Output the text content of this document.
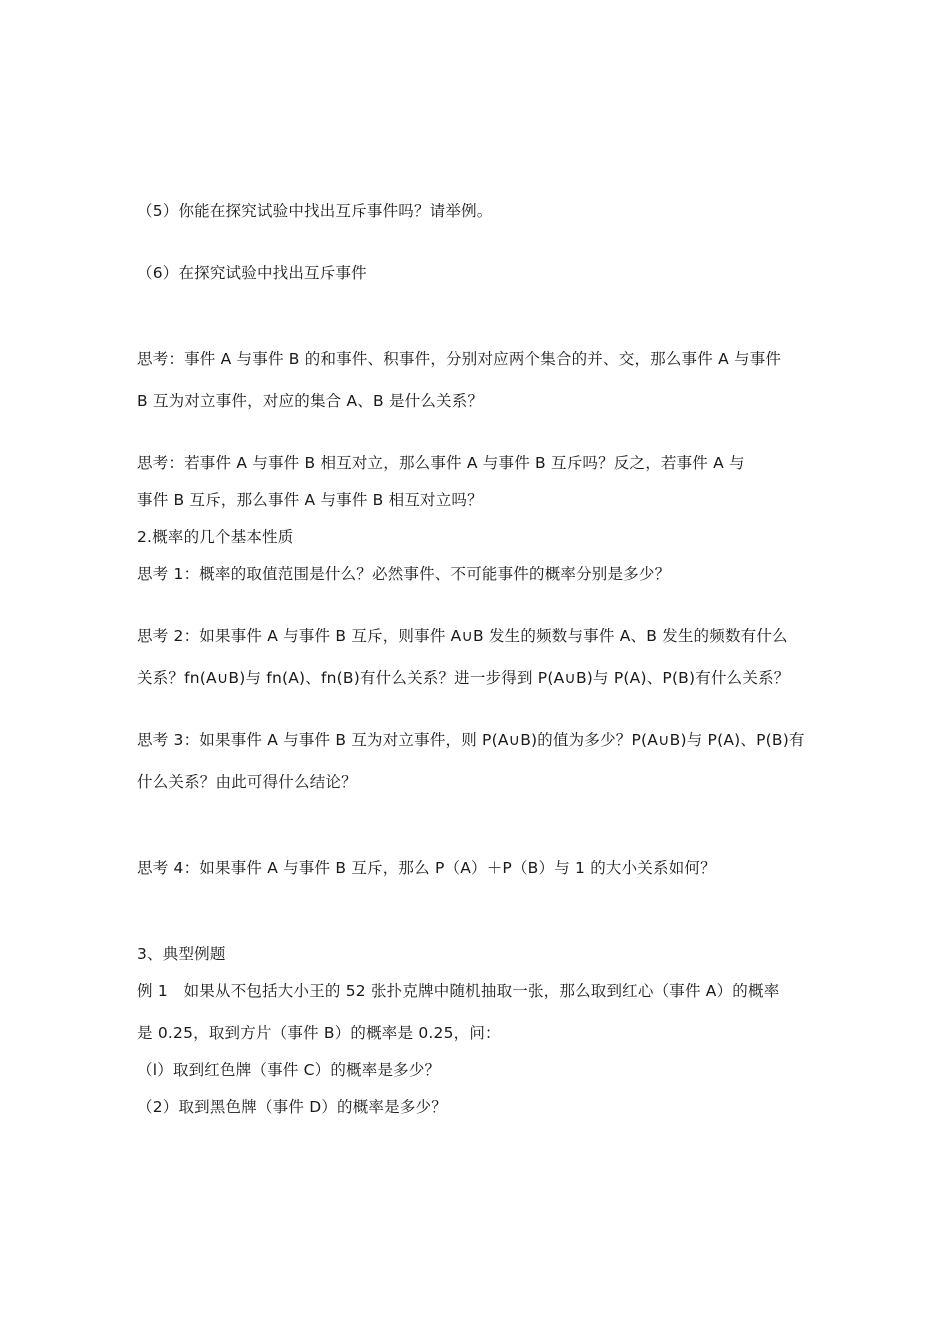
（5）你能在探究试验中找出互斥事件吗？请举例。
（6）在探究试验中找出互斥事件
思考：事件 A 与事件 B 的和事件、积事件，分别对应两个集合的并、交，那么事件 A 与事件
B 互为对立事件，对应的集合 A、B 是什么关系？
思考：若事件 A 与事件 B 相互对立，那么事件 A 与事件 B 互斥吗？反之，若事件 A 与
事件 B 互斥，那么事件 A 与事件 B 相互对立吗？
2.概率的几个基本性质
思考 1：概率的取值范围是什么？必然事件、不可能事件的概率分别是多少？
思考 2：如果事件 A 与事件 B 互斥，则事件 A∪B 发生的频数与事件 A、B 发生的频数有什么
关系？fn(A∪B)与 fn(A)、fn(B)有什么关系？进一步得到 P(A∪B)与 P(A)、P(B)有什么关系？
思考 3：如果事件 A 与事件 B 互为对立事件，则 P(A∪B)的值为多少？P(A∪B)与 P(A)、P(B)有
什么关系？由此可得什么结论？
思考 4：如果事件 A 与事件 B 互斥，那么 P（A）＋P（B）与 1 的大小关系如何？
3、典型例题
例 1　如果从不包括大小王的 52 张扑克牌中随机抽取一张，那么取到红心（事件 A）的概率
是 0.25，取到方片（事件 B）的概率是 0.25，问：
（l）取到红色牌（事件 C）的概率是多少？
（2）取到黑色牌（事件 D）的概率是多少？
